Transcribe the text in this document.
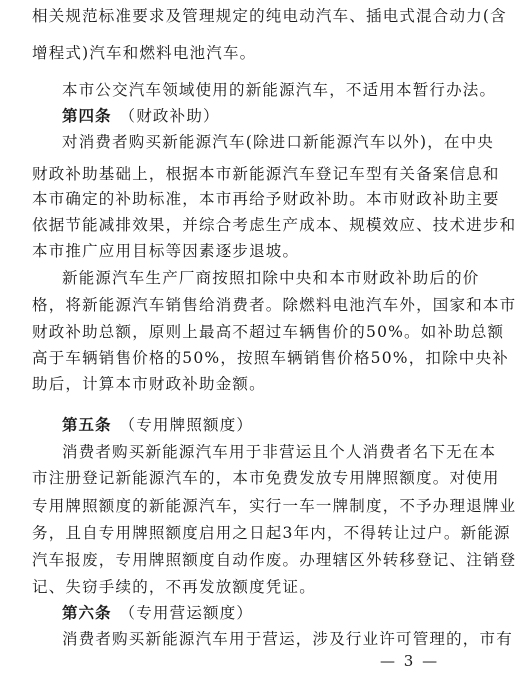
相关规范标准要求及管理规定的纯电动汽车、插电式混合动力(含
增程式)汽车和燃料电池汽车。
本市公交汽车领域使用的新能源汽车，不适用本暂行办法。
第四条 （财政补助）
对消费者购买新能源汽车(除进口新能源汽车以外)，在中央
财政补助基础上，根据本市新能源汽车登记车型有关备案信息和
本市确定的补助标准，本市再给予财政补助。本市财政补助主要
依据节能减排效果，并综合考虑生产成本、规模效应、技术进步和
本市推广应用目标等因素逐步退坡。
新能源汽车生产厂商按照扣除中央和本市财政补助后的价
格，将新能源汽车销售给消费者。除燃料电池汽车外，国家和本市
财政补助总额，原则上最高不超过车辆售价的50%。如补助总额
高于车辆销售价格的50%，按照车辆销售价格50%，扣除中央补
助后，计算本市财政补助金额。
第五条 （专用牌照额度）
消费者购买新能源汽车用于非营运且个人消费者名下无在本
市注册登记新能源汽车的，本市免费发放专用牌照额度。对使用
专用牌照额度的新能源汽车，实行一车一牌制度，不予办理退牌业
务，且自专用牌照额度启用之日起3年内，不得转让过户。新能源
汽车报废，专用牌照额度自动作废。办理辖区外转移登记、注销登
记、失窃手续的，不再发放额度凭证。
第六条 （专用营运额度）
消费者购买新能源汽车用于营运，涉及行业许可管理的，市有
— 3 —
